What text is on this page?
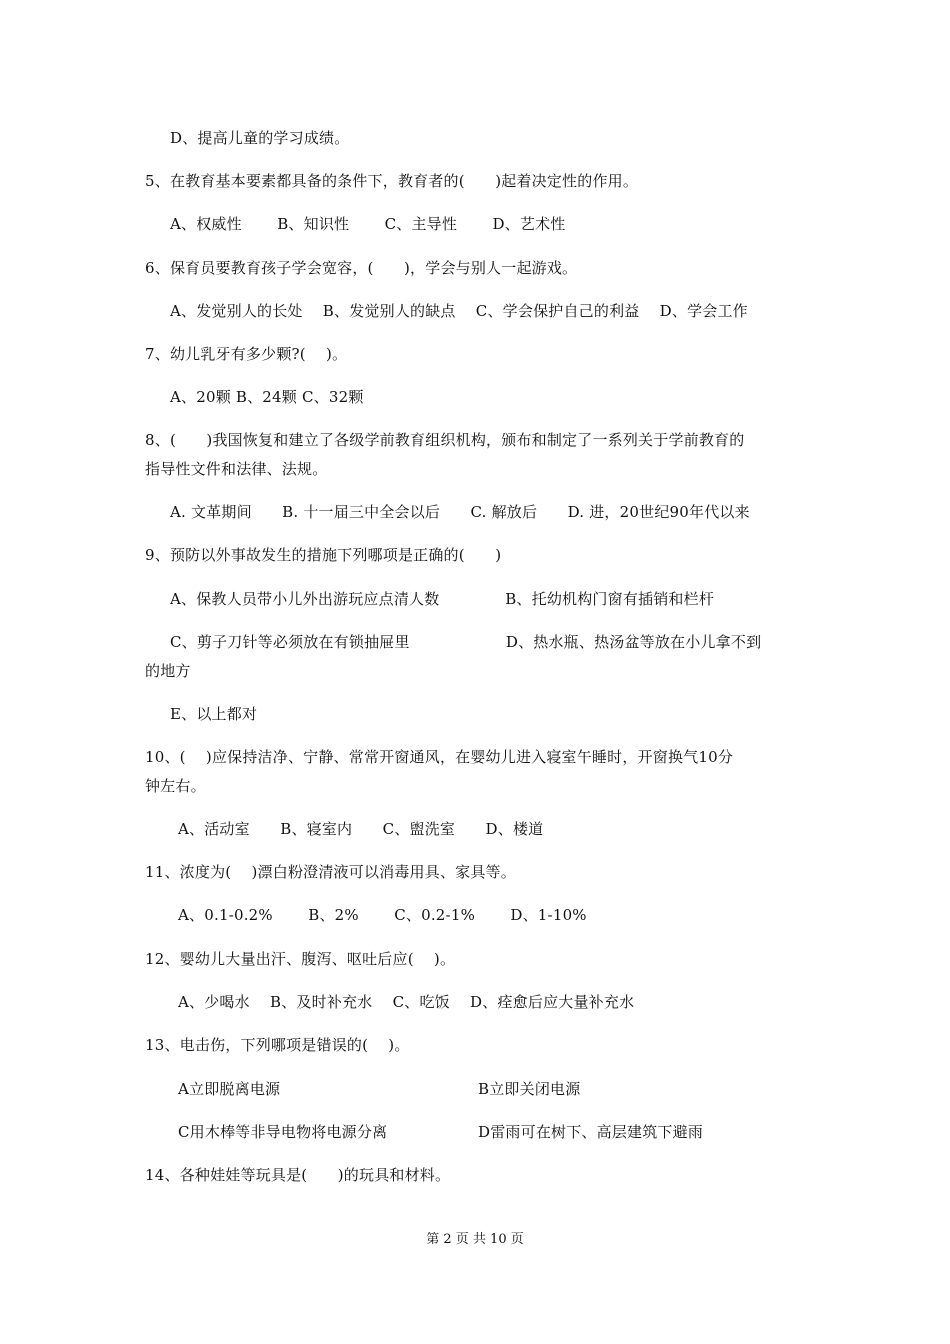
D、提高儿童的学习成绩。
5、在教育基本要素都具备的条件下，教育者的(　　)起着决定性的作用。
A、权威性　　 B、知识性　　 C、主导性　　 D、艺术性
6、保育员要教育孩子学会宽容，(　　)，学会与别人一起游戏。
A、发觉别人的长处　 B、发觉别人的缺点　 C、学会保护自己的利益　 D、学会工作
7、幼儿乳牙有多少颗?(　 )。
A、20颗 B、24颗 C、32颗
8、(　　)我国恢复和建立了各级学前教育组织机构，颁布和制定了一系列关于学前教育的
指导性文件和法律、法规。
A. 文革期间　　B. 十一届三中全会以后　　C. 解放后　　D. 进，20世纪90年代以来
9、预防以外事故发生的措施下列哪项是正确的(　　)
A、保教人员带小儿外出游玩应点清人数　　　　 B、托幼机构门窗有插销和栏杆
C、剪子刀针等必须放在有锁抽屉里　　　　　　 D、热水瓶、热汤盆等放在小儿拿不到
的地方
E、以上都对
10、(　 )应保持洁净、宁静、常常开窗通风，在婴幼儿进入寝室午睡时，开窗换气10分
钟左右。
A、活动室　　B、寝室内　　C、盥洗室　　D、楼道
11、浓度为(　 )漂白粉澄清液可以消毒用具、家具等。
A、0.1-0.2%　　 B、2%　　 C、0.2-1%　　 D、1-10%
12、婴幼儿大量出汗、腹泻、呕吐后应(　 )。
A、少喝水　 B、及时补充水　 C、吃饭　 D、痊愈后应大量补充水
13、电击伤，下列哪项是错误的(　 )。
A立即脱离电源	B立即关闭电源
C用木棒等非导电物将电源分离	D雷雨可在树下、高层建筑下避雨
14、各种娃娃等玩具是(　　)的玩具和材料。
第 2 页 共 10 页
